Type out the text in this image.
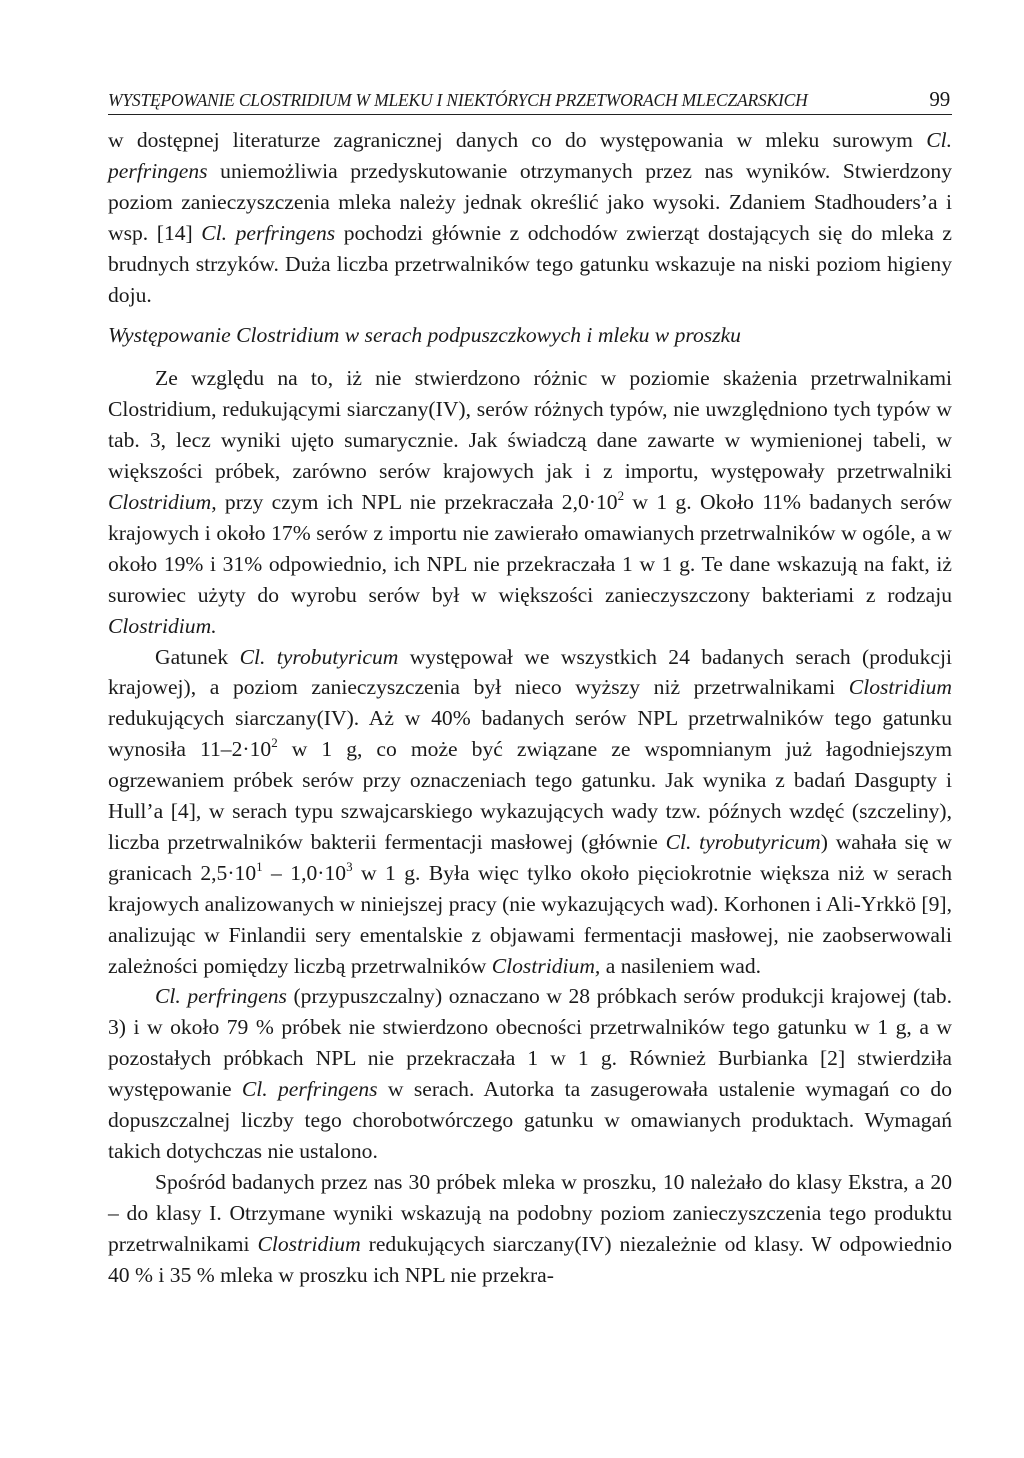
WYSTĘPOWANIE CLOSTRIDIUM W MLEKU I NIEKTÓRYCH PRZETWORACH MLECZARSKICH	99

w dostępnej literaturze zagranicznej danych co do występowania w mleku surowym Cl. perfringens uniemożliwia przedyskutowanie otrzymanych przez nas wyników. Stwierdzony poziom zanieczyszczenia mleka należy jednak określić jako wysoki. Zdaniem Stadhouders’a i wsp. [14] Cl. perfringens pochodzi głównie z odchodów zwierząt dostających się do mleka z brudnych strzyków. Duża liczba przetrwalników tego gatunku wskazuje na niski poziom higieny doju.

Występowanie Clostridium w serach podpuszczkowych i mleku w proszku

Ze względu na to, iż nie stwierdzono różnic w poziomie skażenia przetrwalnikami Clostridium, redukującymi siarczany(IV), serów różnych typów, nie uwzględniono tych typów w tab. 3, lecz wyniki ujęto sumarycznie. Jak świadczą dane zawarte w wymienionej tabeli, w większości próbek, zarówno serów krajowych jak i z importu, występowały przetrwalniki Clostridium, przy czym ich NPL nie przekraczała $2,0\cdot 10^2$ w 1 g. Około 11% badanych serów krajowych i około 17% serów z importu nie zawierało omawianych przetrwalników w ogóle, a w około 19% i 31% odpowiednio, ich NPL nie przekraczała 1 w 1 g. Te dane wskazują na fakt, iż surowiec użyty do wyrobu serów był w większości zanieczyszczony bakteriami z rodzaju Clostridium.

Gatunek Cl. tyrobutyricum występował we wszystkich 24 badanych serach (produkcji krajowej), a poziom zanieczyszczenia był nieco wyższy niż przetrwalnikami Clostridium redukujących siarczany(IV). Aż w 40% badanych serów NPL przetrwalników tego gatunku wynosiła $11-2\cdot 10^2$ w 1 g, co może być związane ze wspomnianym już łagodniejszym ogrzewaniem próbek serów przy oznaczeniach tego gatunku. Jak wynika z badań Dasgupty i Hull’a [4], w serach typu szwajcarskiego wykazujących wady tzw. późnych wzdęć (szczeliny), liczba przetrwalników bakterii fermentacji masłowej (głównie Cl. tyrobutyricum) wahała się w granicach $2,5\cdot 10^1 - 1,0\cdot 10^3$ w 1 g. Była więc tylko około pięciokrotnie większa niż w serach krajowych analizowanych w niniejszej pracy (nie wykazujących wad). Korhonen i Ali-Yrkkö [9], analizując w Finlandii sery ementalskie z objawami fermentacji masłowej, nie zaobserwowali zależności pomiędzy liczbą przetrwalników Clostridium, a nasileniem wad.

Cl. perfringens (przypuszczalny) oznaczano w 28 próbkach serów produkcji krajowej (tab. 3) i w około 79 % próbek nie stwierdzono obecności przetrwalników tego gatunku w 1 g, a w pozostałych próbkach NPL nie przekraczała 1 w 1 g. Również Burbianka [2] stwierdziła występowanie Cl. perfringens w serach. Autorka ta zasugerowała ustalenie wymagań co do dopuszczalnej liczby tego chorobotwórczego gatunku w omawianych produktach. Wymagań takich dotychczas nie ustalono.

Spośród badanych przez nas 30 próbek mleka w proszku, 10 należało do klasy Ekstra, a 20 – do klasy I. Otrzymane wyniki wskazują na podobny poziom zanieczyszczenia tego produktu przetrwalnikami Clostridium redukujących siarczany(IV) niezależnie od klasy. W odpowiednio 40 % i 35 % mleka w proszku ich NPL nie przekra-
